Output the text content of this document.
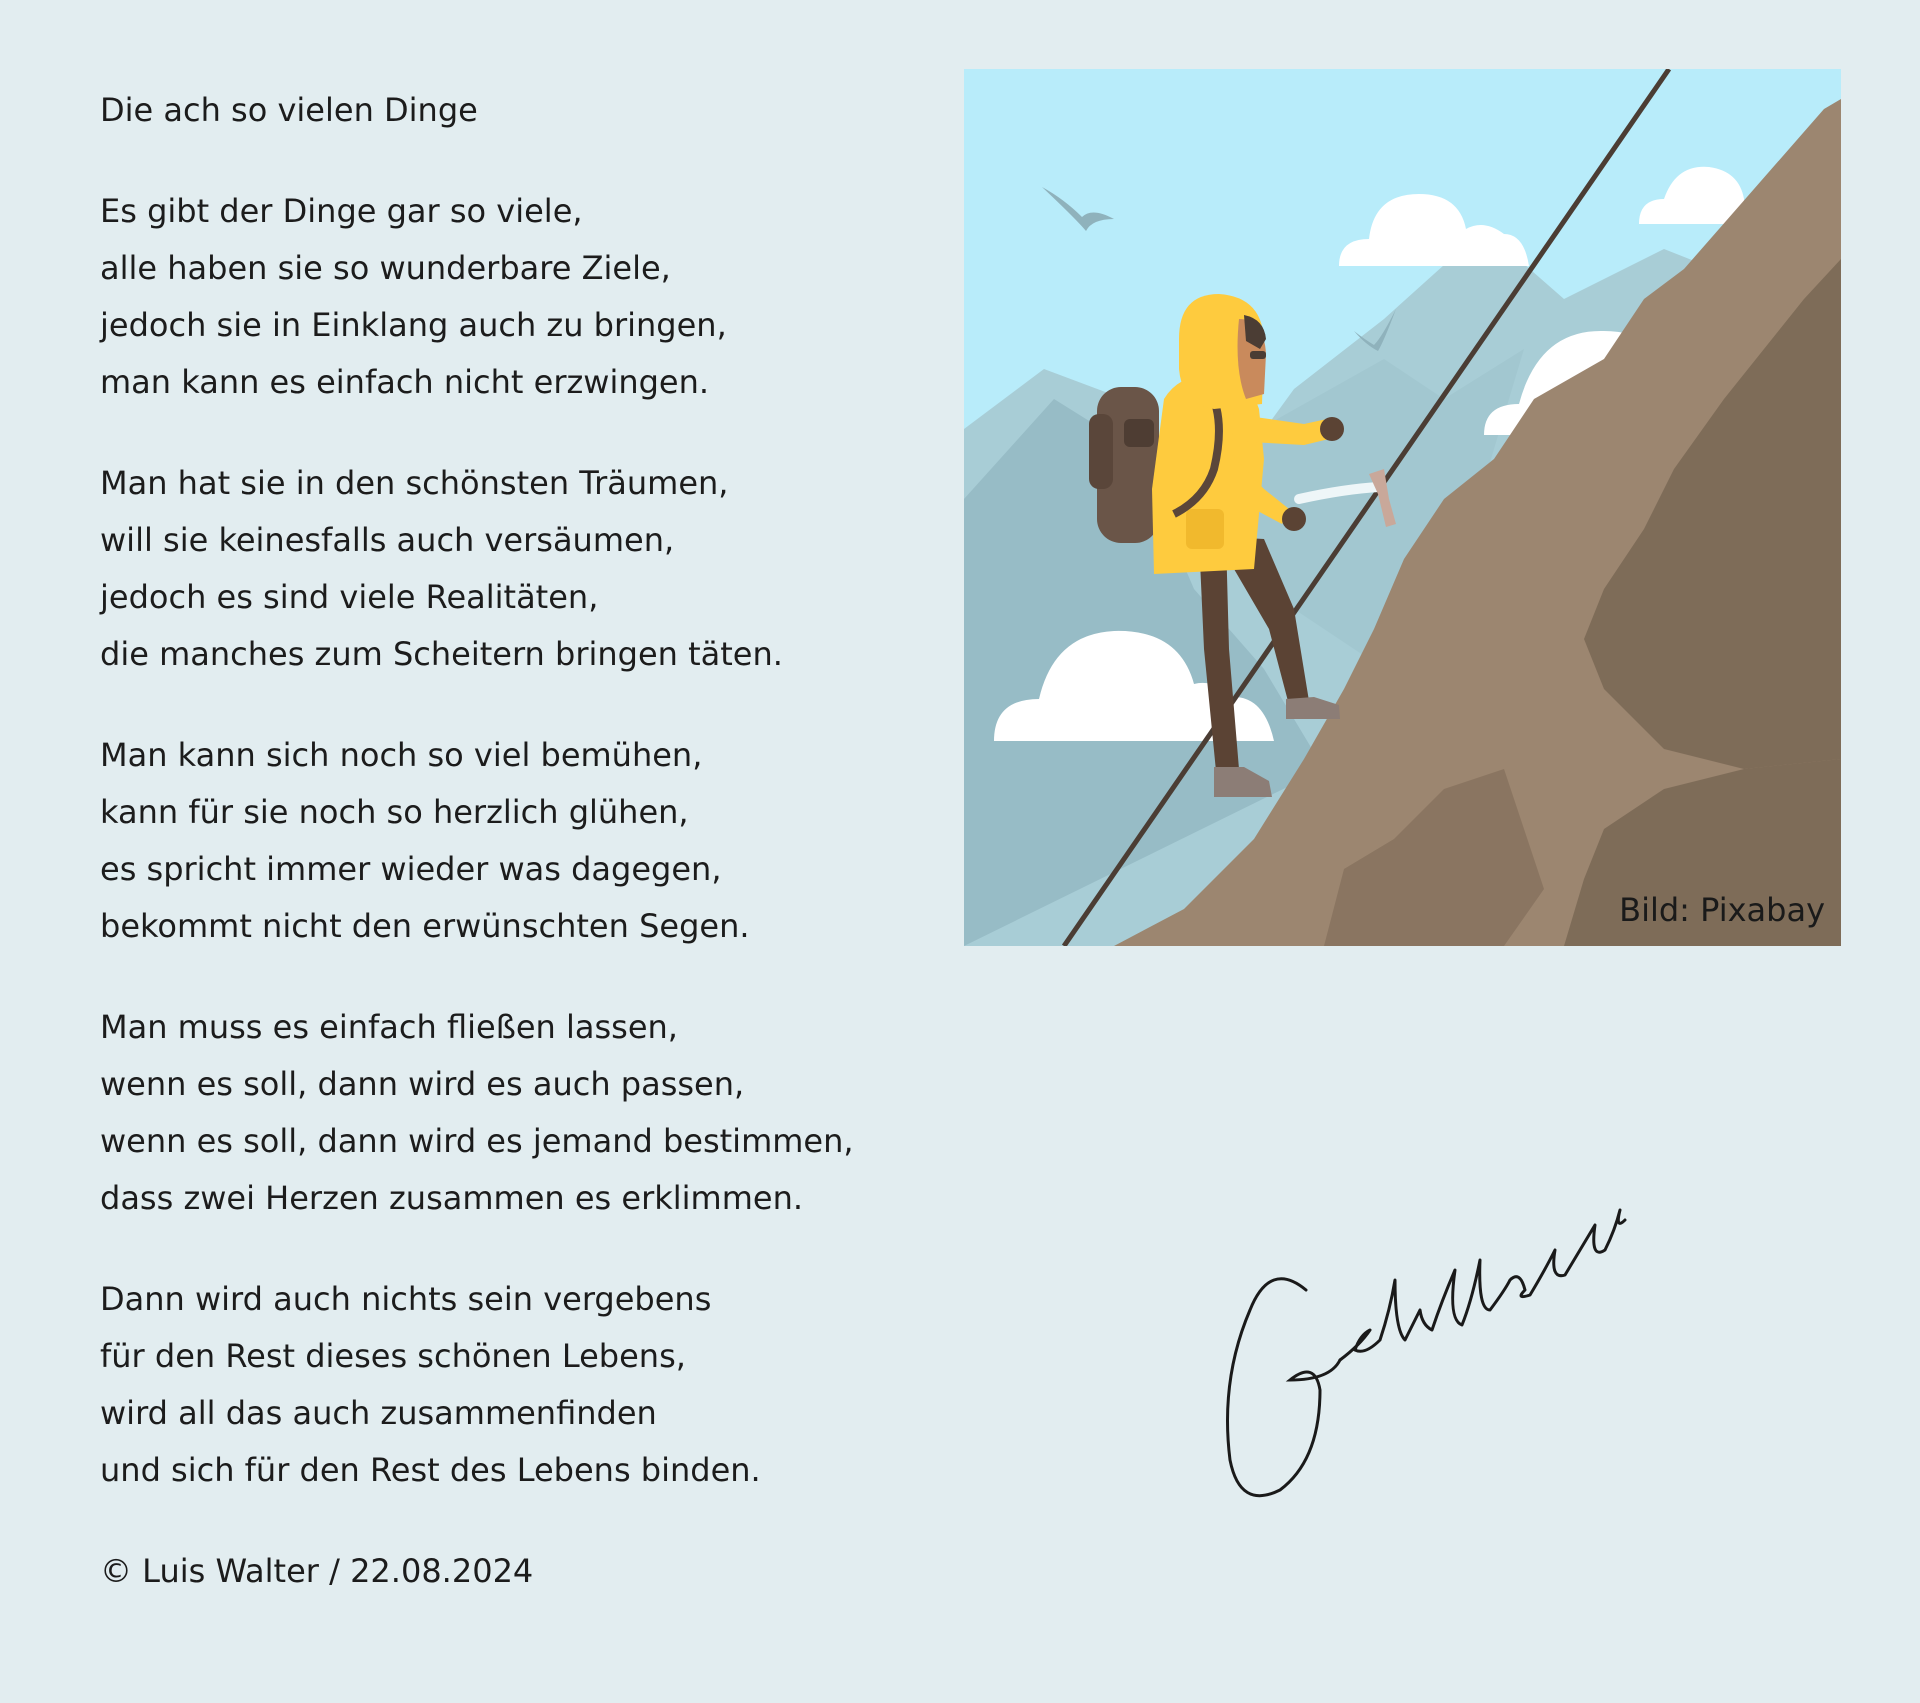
Die ach so vielen Dinge
Es gibt der Dinge gar so viele,
alle haben sie so wunderbare Ziele,
jedoch sie in Einklang auch zu bringen,
man kann es einfach nicht erzwingen.
Man hat sie in den schönsten Träumen,
will sie keinesfalls auch versäumen,
jedoch es sind viele Realitäten,
die manches zum Scheitern bringen täten.
Man kann sich noch so viel bemühen,
kann für sie noch so herzlich glühen,
es spricht immer wieder was dagegen,
bekommt nicht den erwünschten Segen.
Man muss es einfach fließen lassen,
wenn es soll, dann wird es auch passen,
wenn es soll, dann wird es jemand bestimmen,
dass zwei Herzen zusammen es erklimmen.
Dann wird auch nichts sein vergebens
für den Rest dieses schönen Lebens,
wird all das auch zusammenfinden
und sich für den Rest des Lebens binden.
© Luis Walter / 22.08.2024
Bild: Pixabay
